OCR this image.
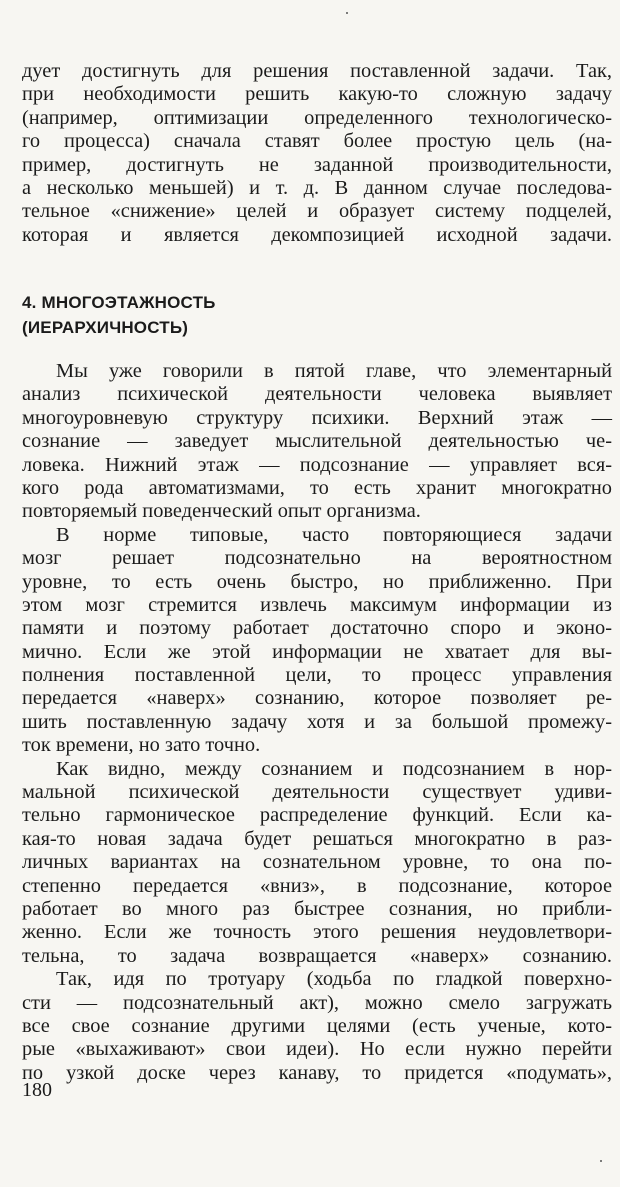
дует достигнуть для решения поставленной задачи. Так,
при необходимости решить какую-то сложную задачу
(например, оптимизации определенного технологическо-
го процесса) сначала ставят более простую цель (на-
пример, достигнуть не заданной производительности,
а несколько меньшей) и т. д. В данном случае последова-
тельное «снижение» целей и образует систему подцелей,
которая и является декомпозицией исходной задачи.
4. МНОГОЭТАЖНОСТЬ
(ИЕРАРХИЧНОСТЬ)
Мы уже говорили в пятой главе, что элементарный
анализ психической деятельности человека выявляет
многоуровневую структуру психики. Верхний этаж —
сознание — заведует мыслительной деятельностью че-
ловека. Нижний этаж — подсознание — управляет вся-
кого рода автоматизмами, то есть хранит многократно
повторяемый поведенческий опыт организма.
В норме типовые, часто повторяющиеся задачи
мозг решает подсознательно на вероятностном
уровне, то есть очень быстро, но приближенно. При
этом мозг стремится извлечь максимум информации из
памяти и поэтому работает достаточно споро и эконо-
мично. Если же этой информации не хватает для вы-
полнения поставленной цели, то процесс управления
передается «наверх» сознанию, которое позволяет ре-
шить поставленную задачу хотя и за большой промежу-
ток времени, но зато точно.
Как видно, между сознанием и подсознанием в нор-
мальной психической деятельности существует удиви-
тельно гармоническое распределение функций. Если ка-
кая-то новая задача будет решаться многократно в раз-
личных вариантах на сознательном уровне, то она по-
степенно передается «вниз», в подсознание, которое
работает во много раз быстрее сознания, но прибли-
женно. Если же точность этого решения неудовлетвори-
тельна, то задача возвращается «наверх» сознанию.
Так, идя по тротуару (ходьба по гладкой поверхно-
сти — подсознательный акт), можно смело загружать
все свое сознание другими целями (есть ученые, кото-
рые «выхаживают» свои идеи). Но если нужно перейти
по узкой доске через канаву, то придется «подумать»,
180
